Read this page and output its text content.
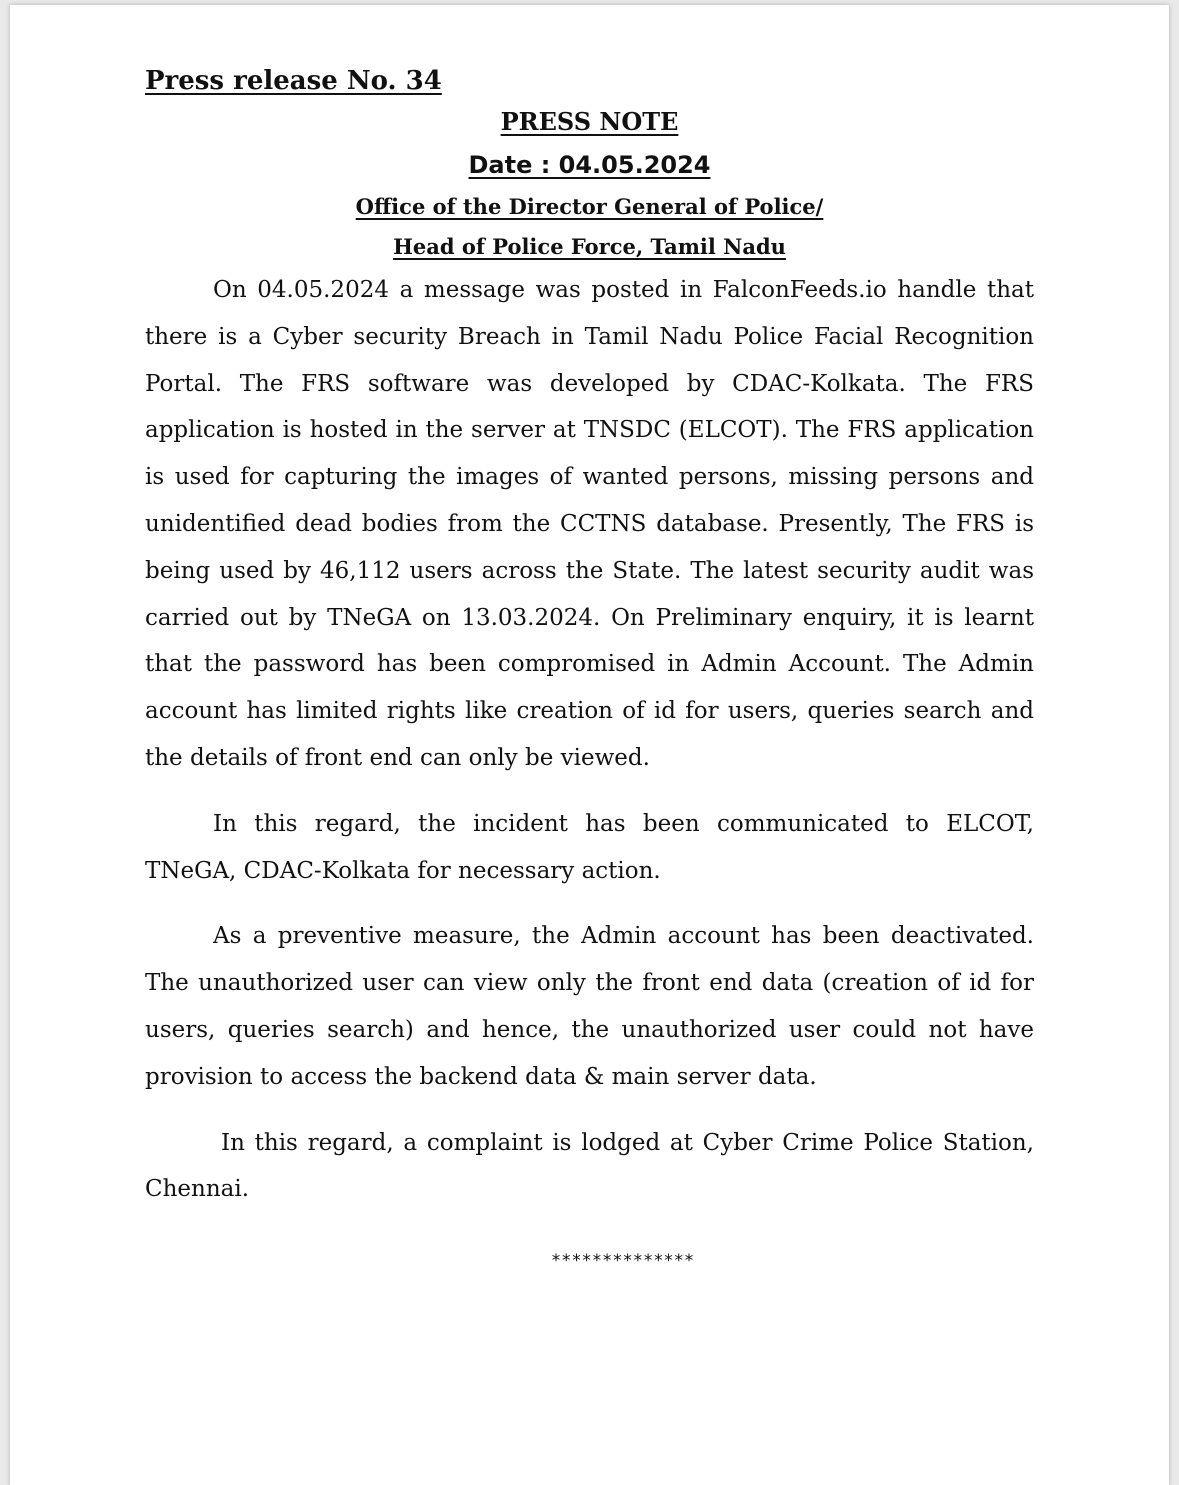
Press release No. 34

PRESS NOTE

Date : 04.05.2024

Office of the Director General of Police/

Head of Police Force, Tamil Nadu

On 04.05.2024 a message was posted in FalconFeeds.io handle that there is a Cyber security Breach in Tamil Nadu Police Facial Recognition Portal. The FRS software was developed by CDAC-Kolkata. The FRS application is hosted in the server at TNSDC (ELCOT). The FRS application is used for capturing the images of wanted persons, missing persons and unidentified dead bodies from the CCTNS database. Presently, The FRS is being used by 46,112 users across the State. The latest security audit was carried out by TNeGA on 13.03.2024. On Preliminary enquiry, it is learnt that the password has been compromised in Admin Account. The Admin account has limited rights like creation of id for users, queries search and the details of front end can only be viewed.

In this regard, the incident has been communicated to ELCOT, TNeGA, CDAC-Kolkata for necessary action.

As a preventive measure, the Admin account has been deactivated. The unauthorized user can view only the front end data (creation of id for users, queries search) and hence, the unauthorized user could not have provision to access the backend data & main server data.

In this regard, a complaint is lodged at Cyber Crime Police Station, Chennai.

**************
